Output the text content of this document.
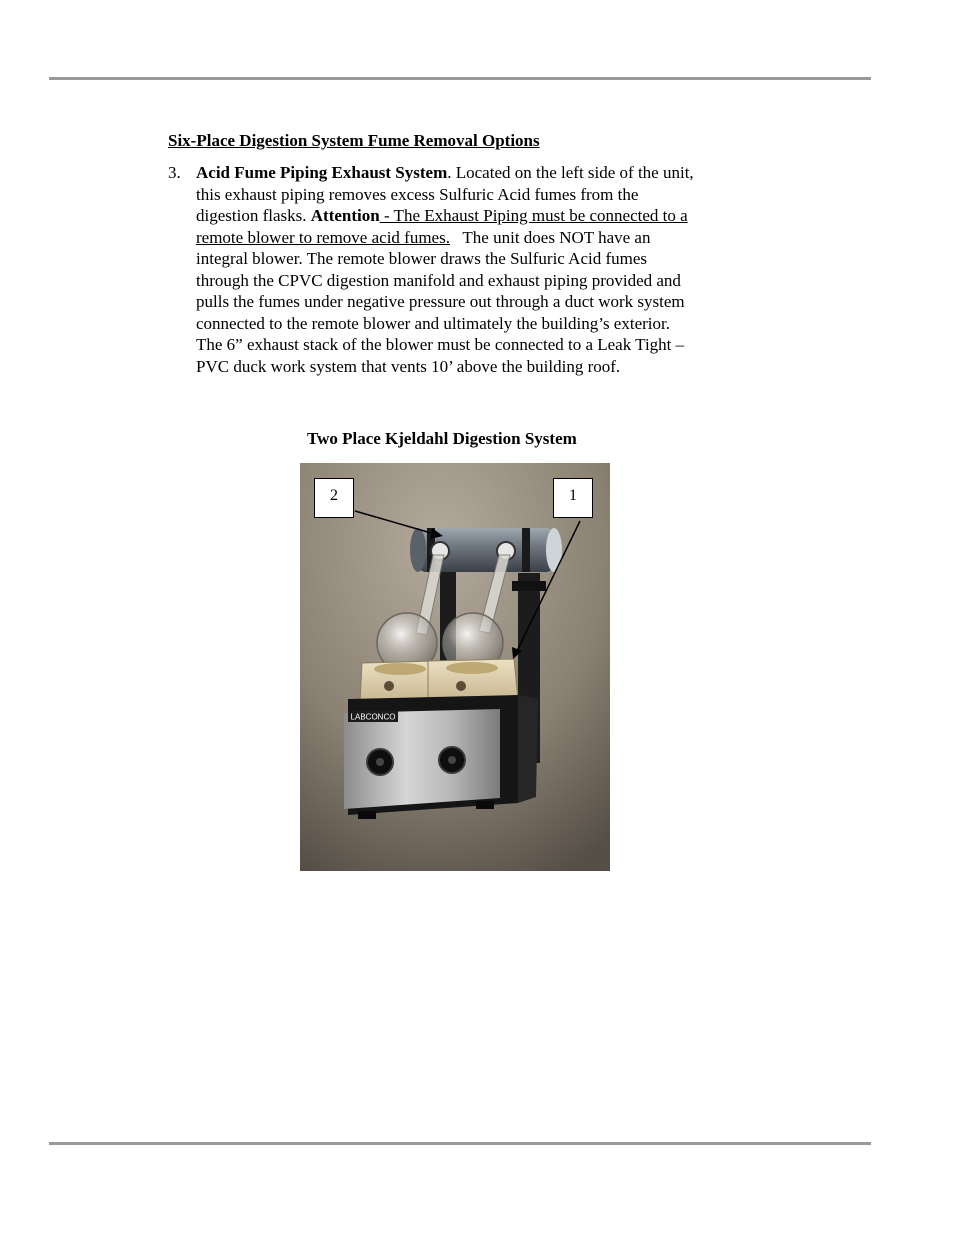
Six-Place Digestion System Fume Removal Options
3. Acid Fume Piping Exhaust System. Located on the left side of the unit,
this exhaust piping removes excess Sulfuric Acid fumes from the
digestion flasks. Attention - The Exhaust Piping must be connected to a
remote blower to remove acid fumes.   The unit does NOT have an
integral blower. The remote blower draws the Sulfuric Acid fumes
through the CPVC digestion manifold and exhaust piping provided and
pulls the fumes under negative pressure out through a duct work system
connected to the remote blower and ultimately the building’s exterior.
The 6” exhaust stack of the blower must be connected to a Leak Tight –
PVC duck work system that vents 10’ above the building roof.
Two Place Kjeldahl Digestion System
LABCONCO
2	1
